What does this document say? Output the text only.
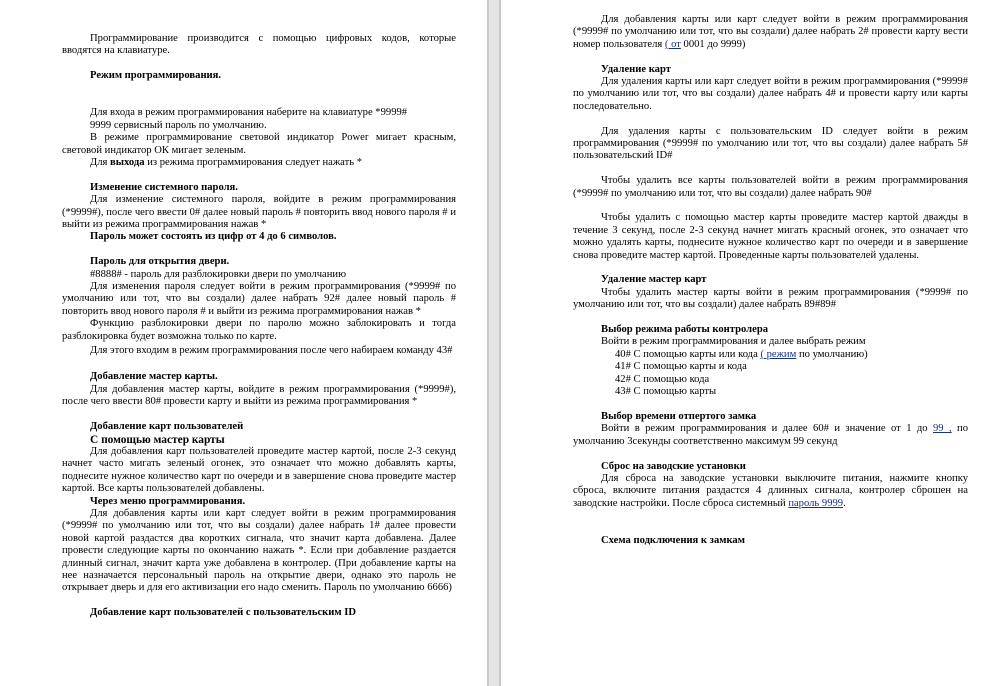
Программирование производится с помощью цифровых кодов, которые вводятся на клавиатуре.

Режим программирования.

Для входа в режим программирования наберите на клавиатуре *9999#

9999 сервисный пароль по умолчанию.

В режиме программирование световой индикатор Power мигает красным, световой индикатор ОК мигает зеленым.

Для выхода из режима программирования следует нажать *

Изменение системного пароля.

Для изменение системного пароля, войдите в режим программирования (*9999#), после чего ввести 0# далее новый пароль # повторить ввод нового пароля # и выйти из режима программирования нажав *

Пароль может состоять из цифр от 4 до 6 символов.

Пароль для открытия двери.

#8888# - пароль для разблокировки двери по умолчанию

Для изменения пароля следует войти в режим программирования (*9999# по умолчанию или тот, что вы создали) далее набрать 92# далее новый пароль # повторить ввод нового пароля # и выйти из режима программирования нажав *

Функцию разблокировки двери по паролю можно заблокировать и тогда разблокировка будет возможна только по карте.

Для этого входим в режим программирования после чего набираем команду 43#

Добавление мастер карты.

Для добавления мастер карты, войдите в режим программирования (*9999#), после чего ввести 80# провести карту и выйти из режима программирования *

Добавление карт пользователей

С помощью мастер карты

Для добавления карт пользователей проведите мастер картой, после 2-3 секунд начнет часто мигать зеленый огонек, это означает что можно добавлять карты, поднесите нужное количество карт по очереди и в завершение снова проведите мастер картой. Все карты пользователей добавлены.

Через меню программирования.

Для добавления карты или карт следует войти в режим программирования (*9999# по умолчанию или тот, что вы создали) далее набрать 1# далее провести новой картой раздастся два коротких сигнала, что значит карта добавлена. Далее провести следующие карты по окончанию нажать *. Если при добавление раздается длинный сигнал, значит карта уже добавлена в контролер. (При добавление карты на нее назначается персональный пароль на открытие двери, однако это пароль не открывает дверь и для его активизации его надо сменить. Пароль по умолчанию 6666)

Добавление карт пользователей с пользовательским ID

Для добавления карты или карт следует войти в режим программирования (*9999# по умолчанию или тот, что вы создали) далее набрать 2# провести карту вести номер пользователя ( от 0001 до 9999)

Удаление карт

Для удаления карты или карт следует войти в режим программирования (*9999# по умолчанию или тот, что вы создали) далее набрать 4# и провести карту или карты последовательно.

Для удаления карты с пользовательским ID следует войти в режим программирования (*9999# по умолчанию или тот, что вы создали) далее набрать 5# пользовательский ID#

Чтобы удалить все карты пользователей войти в режим программирования (*9999# по умолчанию или тот, что вы создали) далее набрать 90#

Чтобы удалить с помощью мастер карты проведите мастер картой дважды в течение 3 секунд, после 2-3 секунд начнет мигать красный огонек, это означает что можно удалять карты, поднесите нужное количество карт по очереди и в завершение снова проведите мастер картой. Проведенные карты пользователей удалены.

Удаление мастер карт

Чтобы удалить мастер карты войти в режим программирования (*9999# по умолчанию или тот, что вы создали) далее набрать 89#89#

Выбор режима работы контролера

Войти в режим программирования и далее выбрать режим

40# С помощью карты или кода ( режим по умолчанию)

41# С помощью карты и кода

42# С помощью кода

43# С помощью карты

Выбор времени отпертого замка

Войти в режим программирования и далее 60# и значение от 1 до 99 , по умолчанию 3секунды соответственно максимум 99 секунд

Сброс на заводские установки

Для сброса на заводские установки выключите питания, нажмите кнопку сброса, включите питания раздастся 4 длинных сигнала, контролер сброшен на заводские настройки. После сброса системный пароль 9999.

Схема подключения к замкам
